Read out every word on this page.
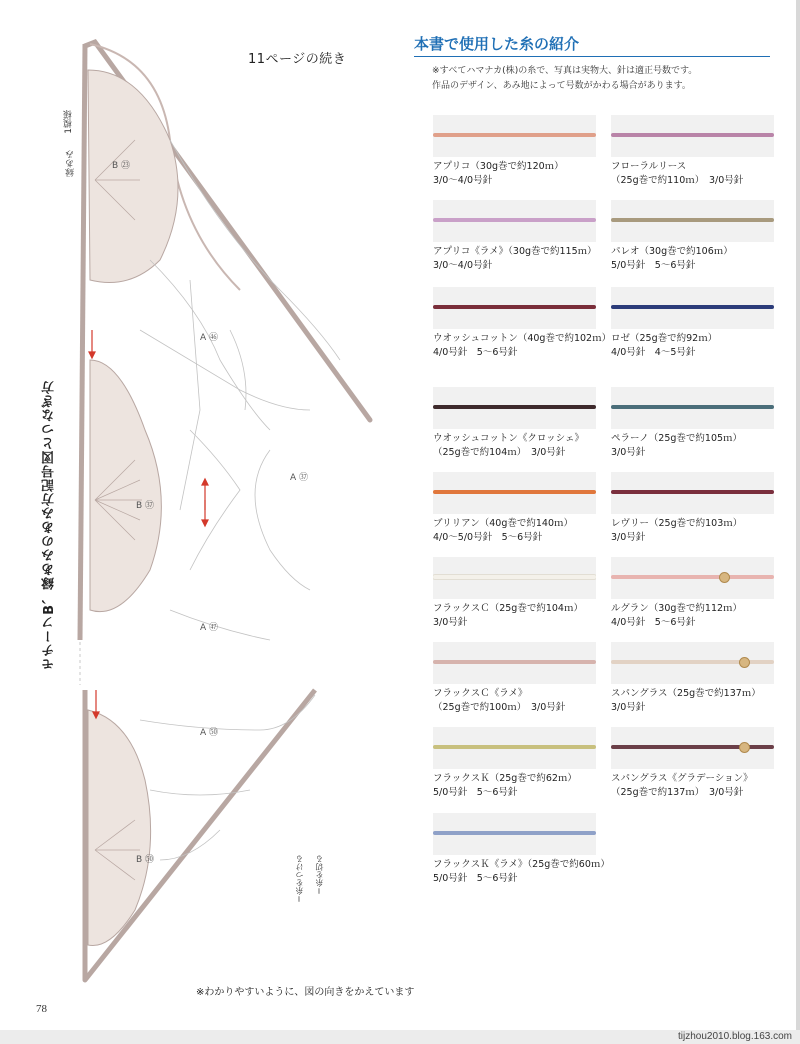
11ページの続き
1模様
縁あみ	B ㉓
A ㊻
A ㊲
B ㊲
A ㊼
A ㊿
B ㊿
モチーフB、縁あみのあみ方記号図とつなぎ方
＝糸をつける ＝糸を切る
※わかりやすいように、図の向きをかえています
78
本書で使用した糸の紹介
※すべてハマナカ(株)の糸で、写真は実物大、針は適正号数です。
作品のデザイン、あみ地によって号数がかわる場合があります。
アプリコ（30g巻で約120ｍ）
3/0～4/0号針
アプリコ《ラメ》（30g巻で約115ｍ）
3/0～4/0号針
ウオッシュコットン（40g巻で約102ｍ）
4/0号針　5～6号針
ウオッシュコットン《クロッシェ》
（25g巻で約104ｍ）　3/0号針
ブリリアン（40g巻で約140ｍ）
4/0～5/0号針　5～6号針
フラックスＣ（25g巻で約104ｍ）
3/0号針
フラックスＣ《ラメ》
（25g巻で約100ｍ）　3/0号針
フラックスＫ（25g巻で約62ｍ）
5/0号針　5～6号針
フラックスＫ《ラメ》（25g巻で約60ｍ）
5/0号針　5～6号針
フローラルリース
（25g巻で約110ｍ）　3/0号針
パレオ（30g巻で約106ｍ）
5/0号針　5～6号針
ロゼ（25g巻で約92ｍ）
4/0号針　4～5号針
ペラーノ（25g巻で約105ｍ）
3/0号針
レヴリー（25g巻で約103ｍ）
3/0号針
ルグラン（30g巻で約112ｍ）
4/0号針　5～6号針
スパングラス（25g巻で約137ｍ）
3/0号針
スパングラス《グラデーション》
（25g巻で約137ｍ）　3/0号針
tijzhou2010.blog.163.com
